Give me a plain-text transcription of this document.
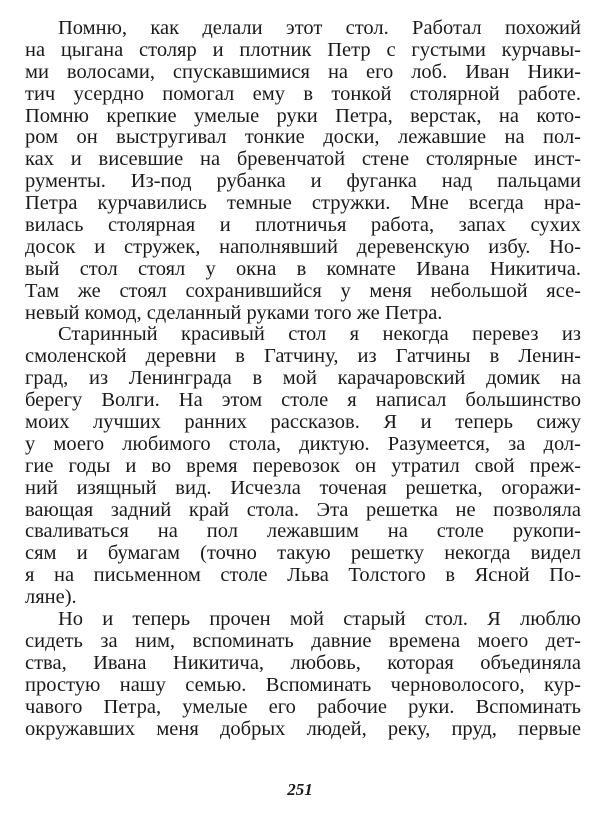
Помню, как делали этот стол. Работал похожий
на цыгана столяр и плотник Петр с густыми курчавы-
ми волосами, спускавшимися на его лоб. Иван Ники-
тич усердно помогал ему в тонкой столярной работе.
Помню крепкие умелые руки Петра, верстак, на кото-
ром он выстругивал тонкие доски, лежавшие на пол-
ках и висевшие на бревенчатой стене столярные инст-
рументы. Из-под рубанка и фуганка над пальцами
Петра курчавились темные стружки. Мне всегда нра-
вилась столярная и плотничья работа, запах сухих
досок и стружек, наполнявший деревенскую избу. Но-
вый стол стоял у окна в комнате Ивана Никитича.
Там же стоял сохранившийся у меня небольшой ясе-
невый комод, сделанный руками того же Петра.
Старинный красивый стол я некогда перевез из
смоленской деревни в Гатчину, из Гатчины в Ленин-
град, из Ленинграда в мой карачаровский домик на
берегу Волги. На этом столе я написал большинство
моих лучших ранних рассказов. Я и теперь сижу
у моего любимого стола, диктую. Разумеется, за дол-
гие годы и во время перевозок он утратил свой преж-
ний изящный вид. Исчезла точеная решетка, огоражи-
вающая задний край стола. Эта решетка не позволяла
сваливаться на пол лежавшим на столе рукопи-
сям и бумагам (точно такую решетку некогда видел
я на письменном столе Льва Толстого в Ясной По-
ляне).
Но и теперь прочен мой старый стол. Я люблю
сидеть за ним, вспоминать давние времена моего дет-
ства, Ивана Никитича, любовь, которая объединяла
простую нашу семью. Вспоминать черноволосого, кур-
чавого Петра, умелые его рабочие руки. Вспоминать
окружавших меня добрых людей, реку, пруд, первые
251
